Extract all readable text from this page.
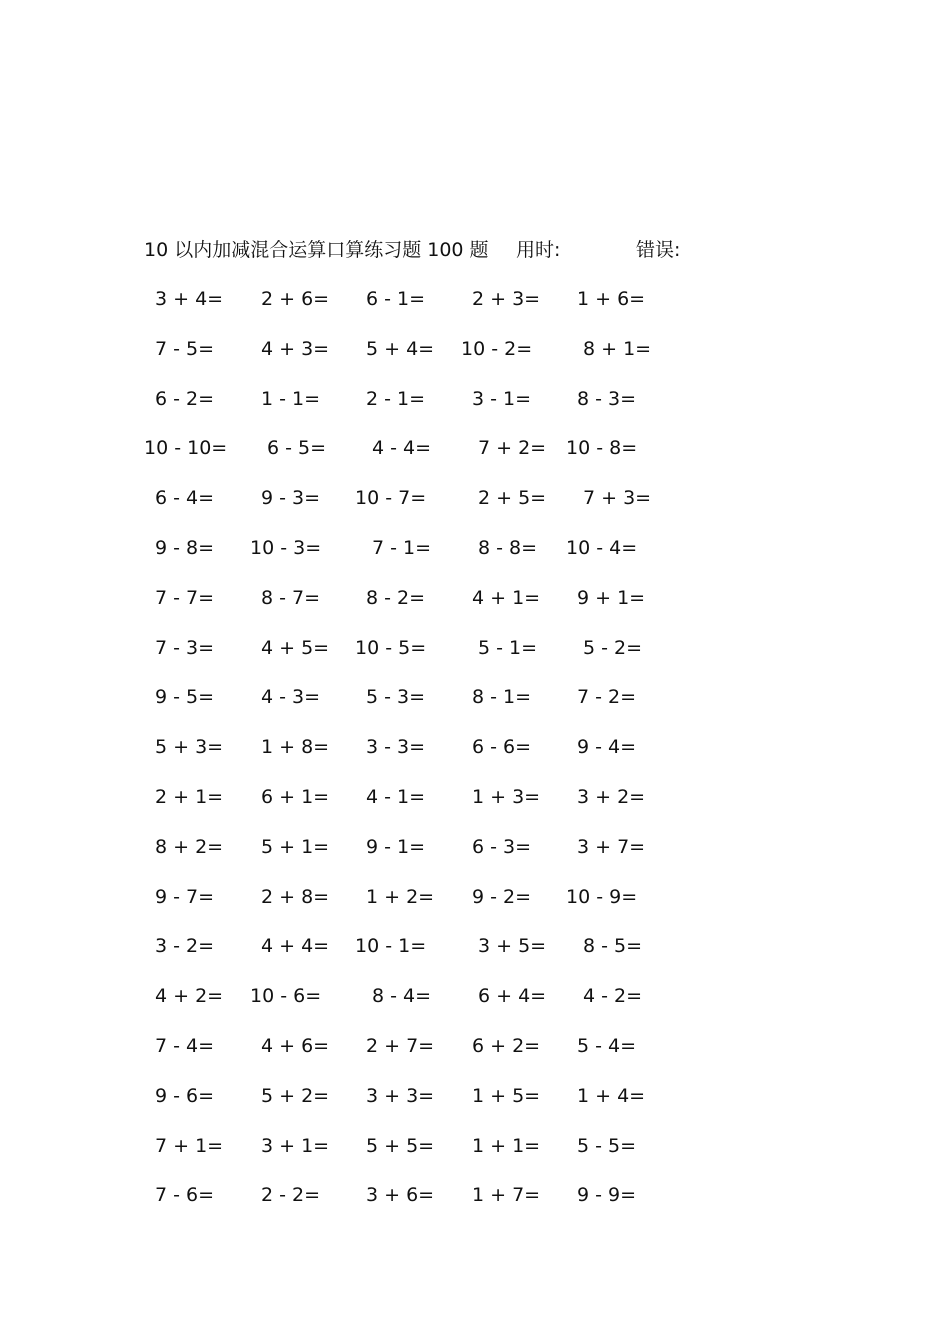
10 以内加减混合运算口算练习题 100 题 用时:	错误:
3 + 4= 2 + 6= 6 - 1= 2 + 3= 1 + 6=
7 - 5= 4 + 3= 5 + 4= 10 - 2=	8 + 1=
6 - 2= 1 - 1= 2 - 1= 3 - 1= 8 - 3=
10 - 10= 6 - 5= 4 - 4= 7 + 2= 10 - 8=
6 - 4= 9 - 3= 10 - 7=	2 + 5= 7 + 3=
9 - 8= 10 - 3=	7 - 1= 8 - 8= 10 - 4=
7 - 7= 8 - 7= 8 - 2= 4 + 1= 9 + 1=
7 - 3= 4 + 5= 10 - 5=	5 - 1= 5 - 2=
9 - 5= 4 - 3= 5 - 3= 8 - 1= 7 - 2=
5 + 3= 1 + 8= 3 - 3= 6 - 6= 9 - 4=
2 + 1= 6 + 1= 4 - 1= 1 + 3= 3 + 2=
8 + 2= 5 + 1= 9 - 1= 6 - 3= 3 + 7=
9 - 7= 2 + 8= 1 + 2= 9 - 2= 10 - 9=
3 - 2= 4 + 4= 10 - 1=	3 + 5= 8 - 5=
4 + 2= 10 - 6=	8 - 4= 6 + 4= 4 - 2=
7 - 4= 4 + 6= 2 + 7= 6 + 2= 5 - 4=
9 - 6= 5 + 2= 3 + 3= 1 + 5= 1 + 4=
7 + 1= 3 + 1= 5 + 5= 1 + 1= 5 - 5=
7 - 6= 2 - 2= 3 + 6= 1 + 7= 9 - 9=
